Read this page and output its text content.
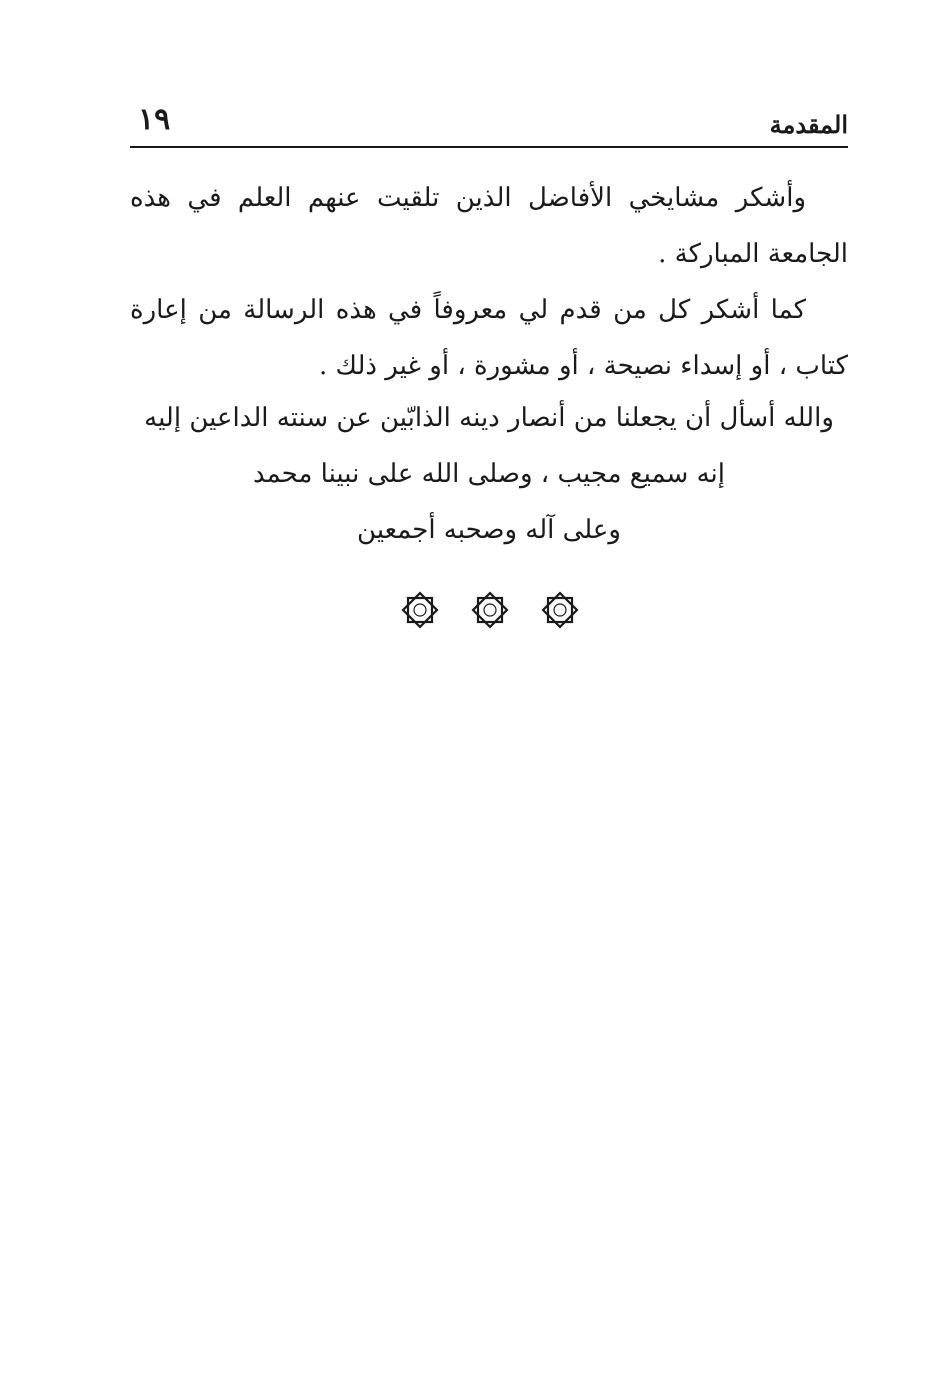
١٩	المقدمة

وأشكر مشايخي الأفاضل الذين تلقيت عنهم العلم في هذه الجامعة المباركة .

كما أشكر كل من قدم لي معروفاً في هذه الرسالة من إعارة كتاب ، أو إسداء نصيحة ، أو مشورة ، أو غير ذلك .

والله أسأل أن يجعلنا من أنصار دينه الذابّين عن سنته الداعين إليه

إنه سميع مجيب ، وصلى الله على نبينا محمد

وعلى آله وصحبه أجمعين
